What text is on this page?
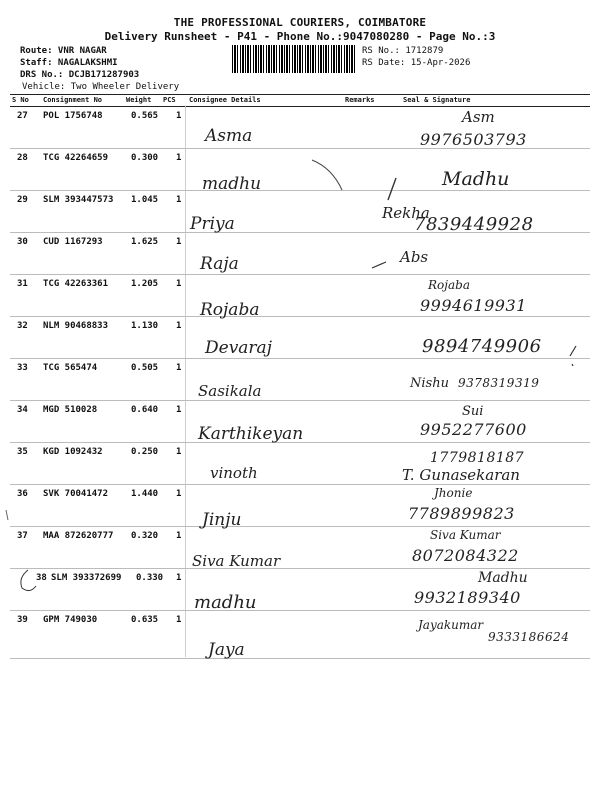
THE PROFESSIONAL COURIERS, COIMBATORE
Delivery Runsheet - P41 - Phone No.:9047080280 - Page No.:3
Route: VNR NAGAR
Staff: NAGALAKSHMI
DRS No.: DCJB171287903
Vehicle: Two Wheeler Delivery
RS No.: 1712879
RS Date: 15-Apr-2026
S No Consignment No	Weight PCS Consignee Details	Remarks	Seal & Signature
27 POL 1756748	0.565 1
Asma
Asm
9976503793
28 TCG 42264659	0.300 1
madhu	Madhu
29 SLM 393447573 1.045 1
Priya
Rekha
7839449928
30 CUD 1167293	1.625 1
Raja	Abs
31 TCG 42263361	1.205 1
Rojaba
Rojaba
9994619931
32 NLM 90468833	1.130 1
Devaraj	9894749906
33 TCG 565474	0.505 1
Sasikala	Nishu 9378319319
34 MGD 510028	0.640 1
Karthikeyan
Sui
9952277600
35 KGD 1092432	0.250 1
vinoth
1779818187
T. Gunasekaran
36 SVK 70041472	1.440 1
Jinju
Jhonie
7789899823
37 MAA 872620777 0.320 1
Siva Kumar
Siva Kumar
8072084322
38 SLM 393372699 0.330 1
madhu
Madhu
9932189340
39 GPM 749030	0.635 1
Jaya
Jayakumar
9333186624
